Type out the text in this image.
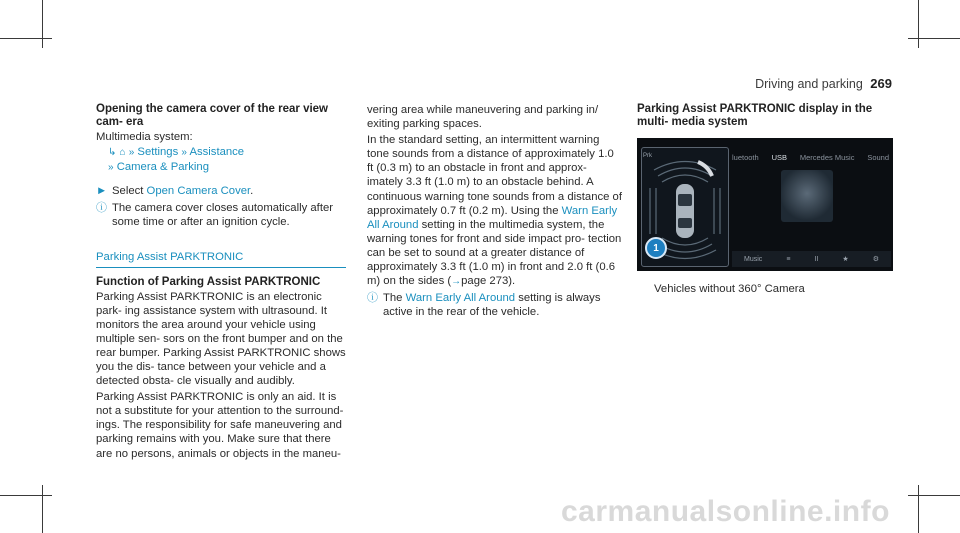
Driving and parking 269
Opening the camera cover of the rear view cam- era

Multimedia system:

↳ ⌂ » Settings » Assistance
» Camera & Parking
► Select Open Camera Cover.

ⓘ The camera cover closes automatically after some time or after an ignition cycle.

Parking Assist PARKTRONIC
Function of Parking Assist PARKTRONIC

Parking Assist PARKTRONIC is an electronic park- ing assistance system with ultrasound. It monitors the area around your vehicle using multiple sen- sors on the front bumper and on the rear bumper. Parking Assist PARKTRONIC shows you the dis- tance between your vehicle and a detected obsta- cle visually and audibly.

Parking Assist PARKTRONIC is only an aid. It is not a substitute for your attention to the surround- ings. The responsibility for safe maneuvering and parking remains with you. Make sure that there are no persons, animals or objects in the maneu-

vering area while maneuvering and parking in/ exiting parking spaces.

In the standard setting, an intermittent warning tone sounds from a distance of approximately 1.0 ft (0.3 m) to an obstacle in front and approx- imately 3.3 ft (1.0 m) to an obstacle behind. A continuous warning tone sounds from a distance of approximately 0.7 ft (0.2 m). Using the Warn Early All Around setting in the multimedia system, the warning tones for front and side impact pro- tection can be set to sound at a greater distance of approximately 3.3 ft (1.0 m) in front and 2.0 ft (0.6 m) on the sides (→page 273).

ⓘ The Warn Early All Around setting is always active in the rear of the vehicle.

Parking Assist PARKTRONIC display in the multi- media system
Prk	luetooth USB Mercedes Music Sound
Music	≡	II	★	⚙
1
Vehicles without 360° Camera
carmanualsonline.info
